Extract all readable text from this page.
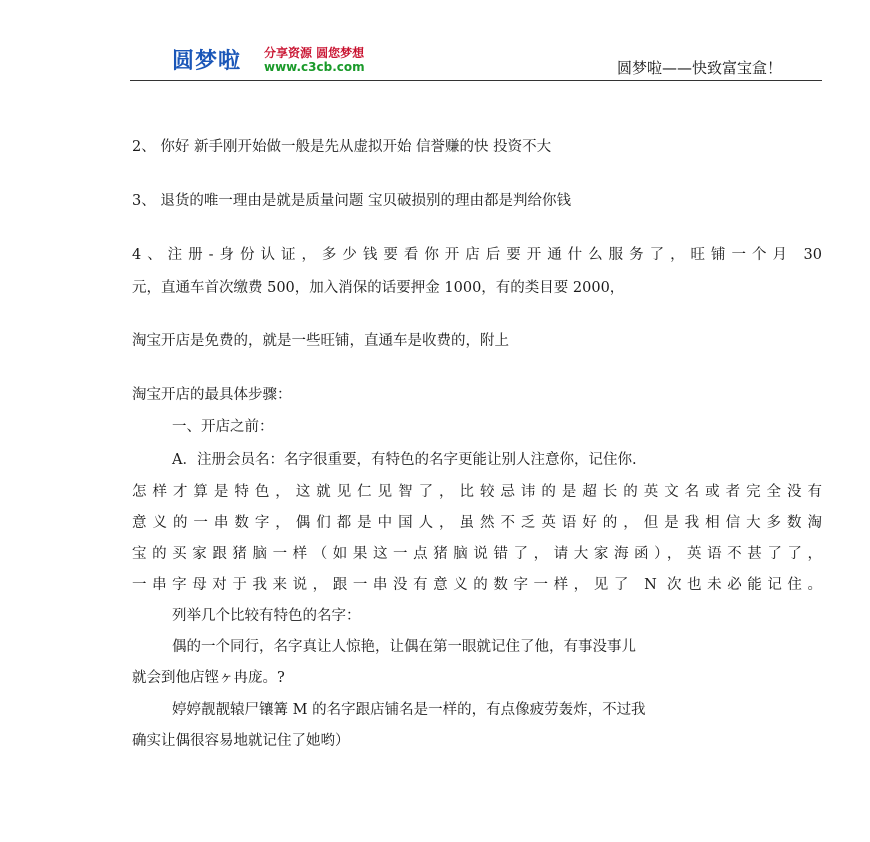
圆梦啦 分享资源 圆您梦想
www.c3cb.com	圆梦啦——快致富宝盒！
2、 你好 新手刚开始做一般是先从虚拟开始 信誉赚的快 投资不大
3、 退货的唯一理由是就是质量问题 宝贝破损别的理由都是判给你钱
4、注册-身份认证，多少钱要看你开店后要开通什么服务了，旺铺一个月 30
元，直通车首次缴费 500，加入消保的话要押金 1000，有的类目要 2000，
淘宝开店是免费的，就是一些旺铺，直通车是收费的，附上
淘宝开店的最具体步骤：
一、开店之前：
A．注册会员名：名字很重要，有特色的名字更能让别人注意你，记住你.
怎样才算是特色，这就见仁见智了，比较忌讳的是超长的英文名或者完全没有
意义的一串数字，偶们都是中国人，虽然不乏英语好的，但是我相信大多数淘
宝的买家跟猪脑一样（如果这一点猪脑说错了，请大家海函），英语不甚了了，
一串字母对于我来说，跟一串没有意义的数字一样，见了 N 次也未必能记住。
列举几个比较有特色的名字：
偶的一个同行，名字真让人惊艳，让偶在第一眼就记住了他，有事没事儿
就会到他店铿ヶ冉庞。?
婷婷靓靓辕尸镶篝 M 的名字跟店铺名是一样的，有点像疲劳轰炸，不过我
确实让偶很容易地就记住了她哟）
